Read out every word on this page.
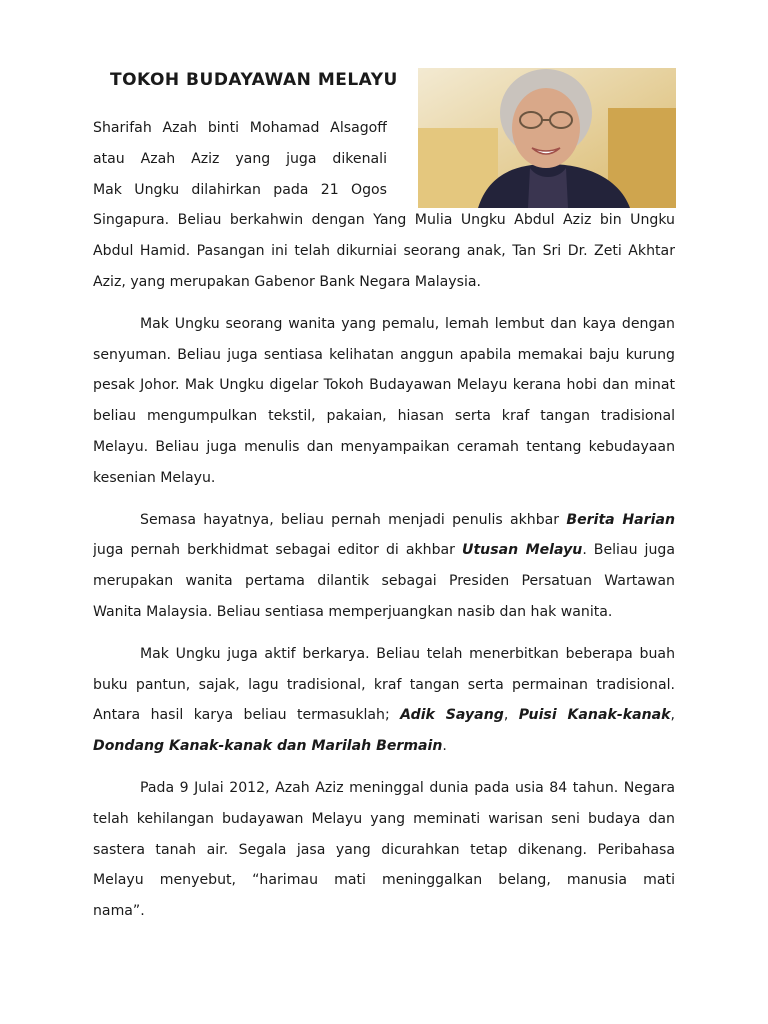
TOKOH BUDAYAWAN MELAYU
Sharifah Azah binti Mohamad Alsagoff
atau Azah Aziz yang juga dikenali
Mak Ungku dilahirkan pada 21 Ogos
Singapura. Beliau berkahwin dengan Yang Mulia Ungku Abdul Aziz bin Ungku
Abdul Hamid. Pasangan ini telah dikurniai seorang anak, Tan Sri Dr. Zeti Akhtar
Aziz, yang merupakan Gabenor Bank Negara Malaysia.
Mak Ungku seorang wanita yang pemalu, lemah lembut dan kaya dengan
senyuman. Beliau juga sentiasa kelihatan anggun apabila memakai baju kurung
pesak Johor. Mak Ungku digelar Tokoh Budayawan Melayu kerana hobi dan minat
beliau mengumpulkan tekstil, pakaian, hiasan serta kraf tangan tradisional
Melayu. Beliau juga menulis dan menyampaikan ceramah tentang kebudayaan
kesenian Melayu.
Semasa hayatnya, beliau pernah menjadi penulis akhbar Berita Harian
juga pernah berkhidmat sebagai editor di akhbar Utusan Melayu. Beliau juga
merupakan wanita pertama dilantik sebagai Presiden Persatuan Wartawan
Wanita Malaysia. Beliau sentiasa memperjuangkan nasib dan hak wanita.
Mak Ungku juga aktif berkarya. Beliau telah menerbitkan beberapa buah
buku pantun, sajak, lagu tradisional, kraf tangan serta permainan tradisional.
Antara hasil karya beliau termasuklah; Adik Sayang, Puisi Kanak-kanak,
Dondang Kanak-kanak dan Marilah Bermain.
Pada 9 Julai 2012, Azah Aziz meninggal dunia pada usia 84 tahun. Negara
telah kehilangan budayawan Melayu yang meminati warisan seni budaya dan
sastera tanah air. Segala jasa yang dicurahkan tetap dikenang. Peribahasa
Melayu menyebut, “harimau mati meninggalkan belang, manusia mati
nama”.
